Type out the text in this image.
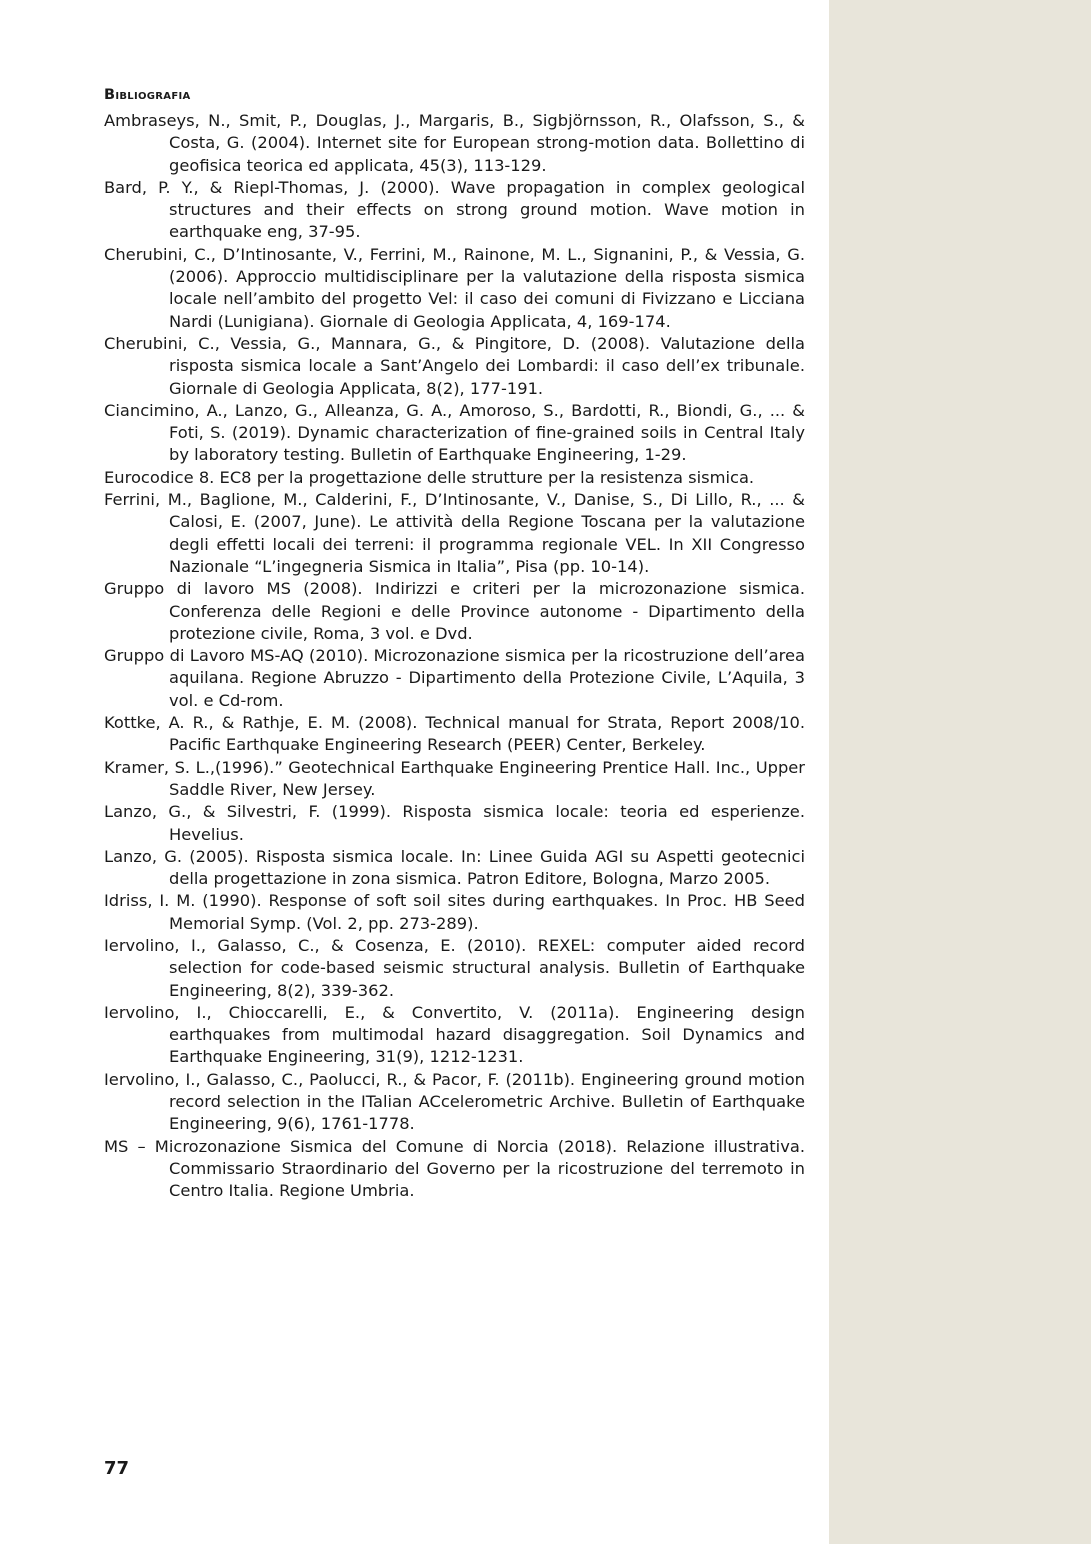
Bibliografia
Ambraseys, N., Smit, P., Douglas, J., Margaris, B., Sigbjörnsson, R., Olafsson, S., & Costa, G. (2004). Internet site for European strong-motion data. Bollettino di geofisica teorica ed applicata, 45(3), 113-129.
Bard, P. Y., & Riepl-Thomas, J. (2000). Wave propagation in complex geological structures and their effects on strong ground motion. Wave motion in earthquake eng, 37-95.
Cherubini, C., D’Intinosante, V., Ferrini, M., Rainone, M. L., Signanini, P., & Vessia, G. (2006). Approccio multidisciplinare per la valutazione della risposta sismica locale nell’ambito del progetto Vel: il caso dei comuni di Fivizzano e Licciana Nardi (Lunigiana). Giornale di Geologia Applicata, 4, 169-174.
Cherubini, C., Vessia, G., Mannara, G., & Pingitore, D. (2008). Valutazione della risposta sismica locale a Sant’Angelo dei Lombardi: il caso dell’ex tribunale. Giornale di Geologia Applicata, 8(2), 177-191.
Ciancimino, A., Lanzo, G., Alleanza, G. A., Amoroso, S., Bardotti, R., Biondi, G., ... & Foti, S. (2019). Dynamic characterization of fine-grained soils in Central Italy by laboratory testing. Bulletin of Earthquake Engineering, 1-29.
Eurocodice 8. EC8 per la progettazione delle strutture per la resistenza sismica.
Ferrini, M., Baglione, M., Calderini, F., D’Intinosante, V., Danise, S., Di Lillo, R., ... & Calosi, E. (2007, June). Le attività della Regione Toscana per la valutazione degli effetti locali dei terreni: il programma regionale VEL. In XII Congresso Nazionale “L’ingegneria Sismica in Italia”, Pisa (pp. 10-14).
Gruppo di lavoro MS (2008). Indirizzi e criteri per la microzonazione sismica. Conferenza delle Regioni e delle Province autonome - Dipartimento della protezione civile, Roma, 3 vol. e Dvd.
Gruppo di Lavoro MS-AQ (2010). Microzonazione sismica per la ricostruzione dell’area aquilana. Regione Abruzzo - Dipartimento della Protezione Civile, L’Aquila, 3 vol. e Cd-rom.
Kottke, A. R., & Rathje, E. M. (2008). Technical manual for Strata, Report 2008/10. Pacific Earthquake Engineering Research (PEER) Center, Berkeley.
Kramer, S. L.,(1996).” Geotechnical Earthquake Engineering Prentice Hall. Inc., Upper Saddle River, New Jersey.
Lanzo, G., & Silvestri, F. (1999). Risposta sismica locale: teoria ed esperienze. Hevelius.
Lanzo, G. (2005). Risposta sismica locale. In: Linee Guida AGI su Aspetti geotecnici della progettazione in zona sismica. Patron Editore, Bologna, Marzo 2005.
Idriss, I. M. (1990). Response of soft soil sites during earthquakes. In Proc. HB Seed Memorial Symp. (Vol. 2, pp. 273-289).
Iervolino, I., Galasso, C., & Cosenza, E. (2010). REXEL: computer aided record selection for code-based seismic structural analysis. Bulletin of Earthquake Engineering, 8(2), 339-362.
Iervolino, I., Chioccarelli, E., & Convertito, V. (2011a). Engineering design earthquakes from multimodal hazard disaggregation. Soil Dynamics and Earthquake Engineering, 31(9), 1212-1231.
Iervolino, I., Galasso, C., Paolucci, R., & Pacor, F. (2011b). Engineering ground motion record selection in the ITalian ACcelerometric Archive. Bulletin of Earthquake Engineering, 9(6), 1761-1778.
MS – Microzonazione Sismica del Comune di Norcia (2018). Relazione illustrativa. Commissario Straordinario del Governo per la ricostruzione del terremoto in Centro Italia. Regione Umbria.
77
